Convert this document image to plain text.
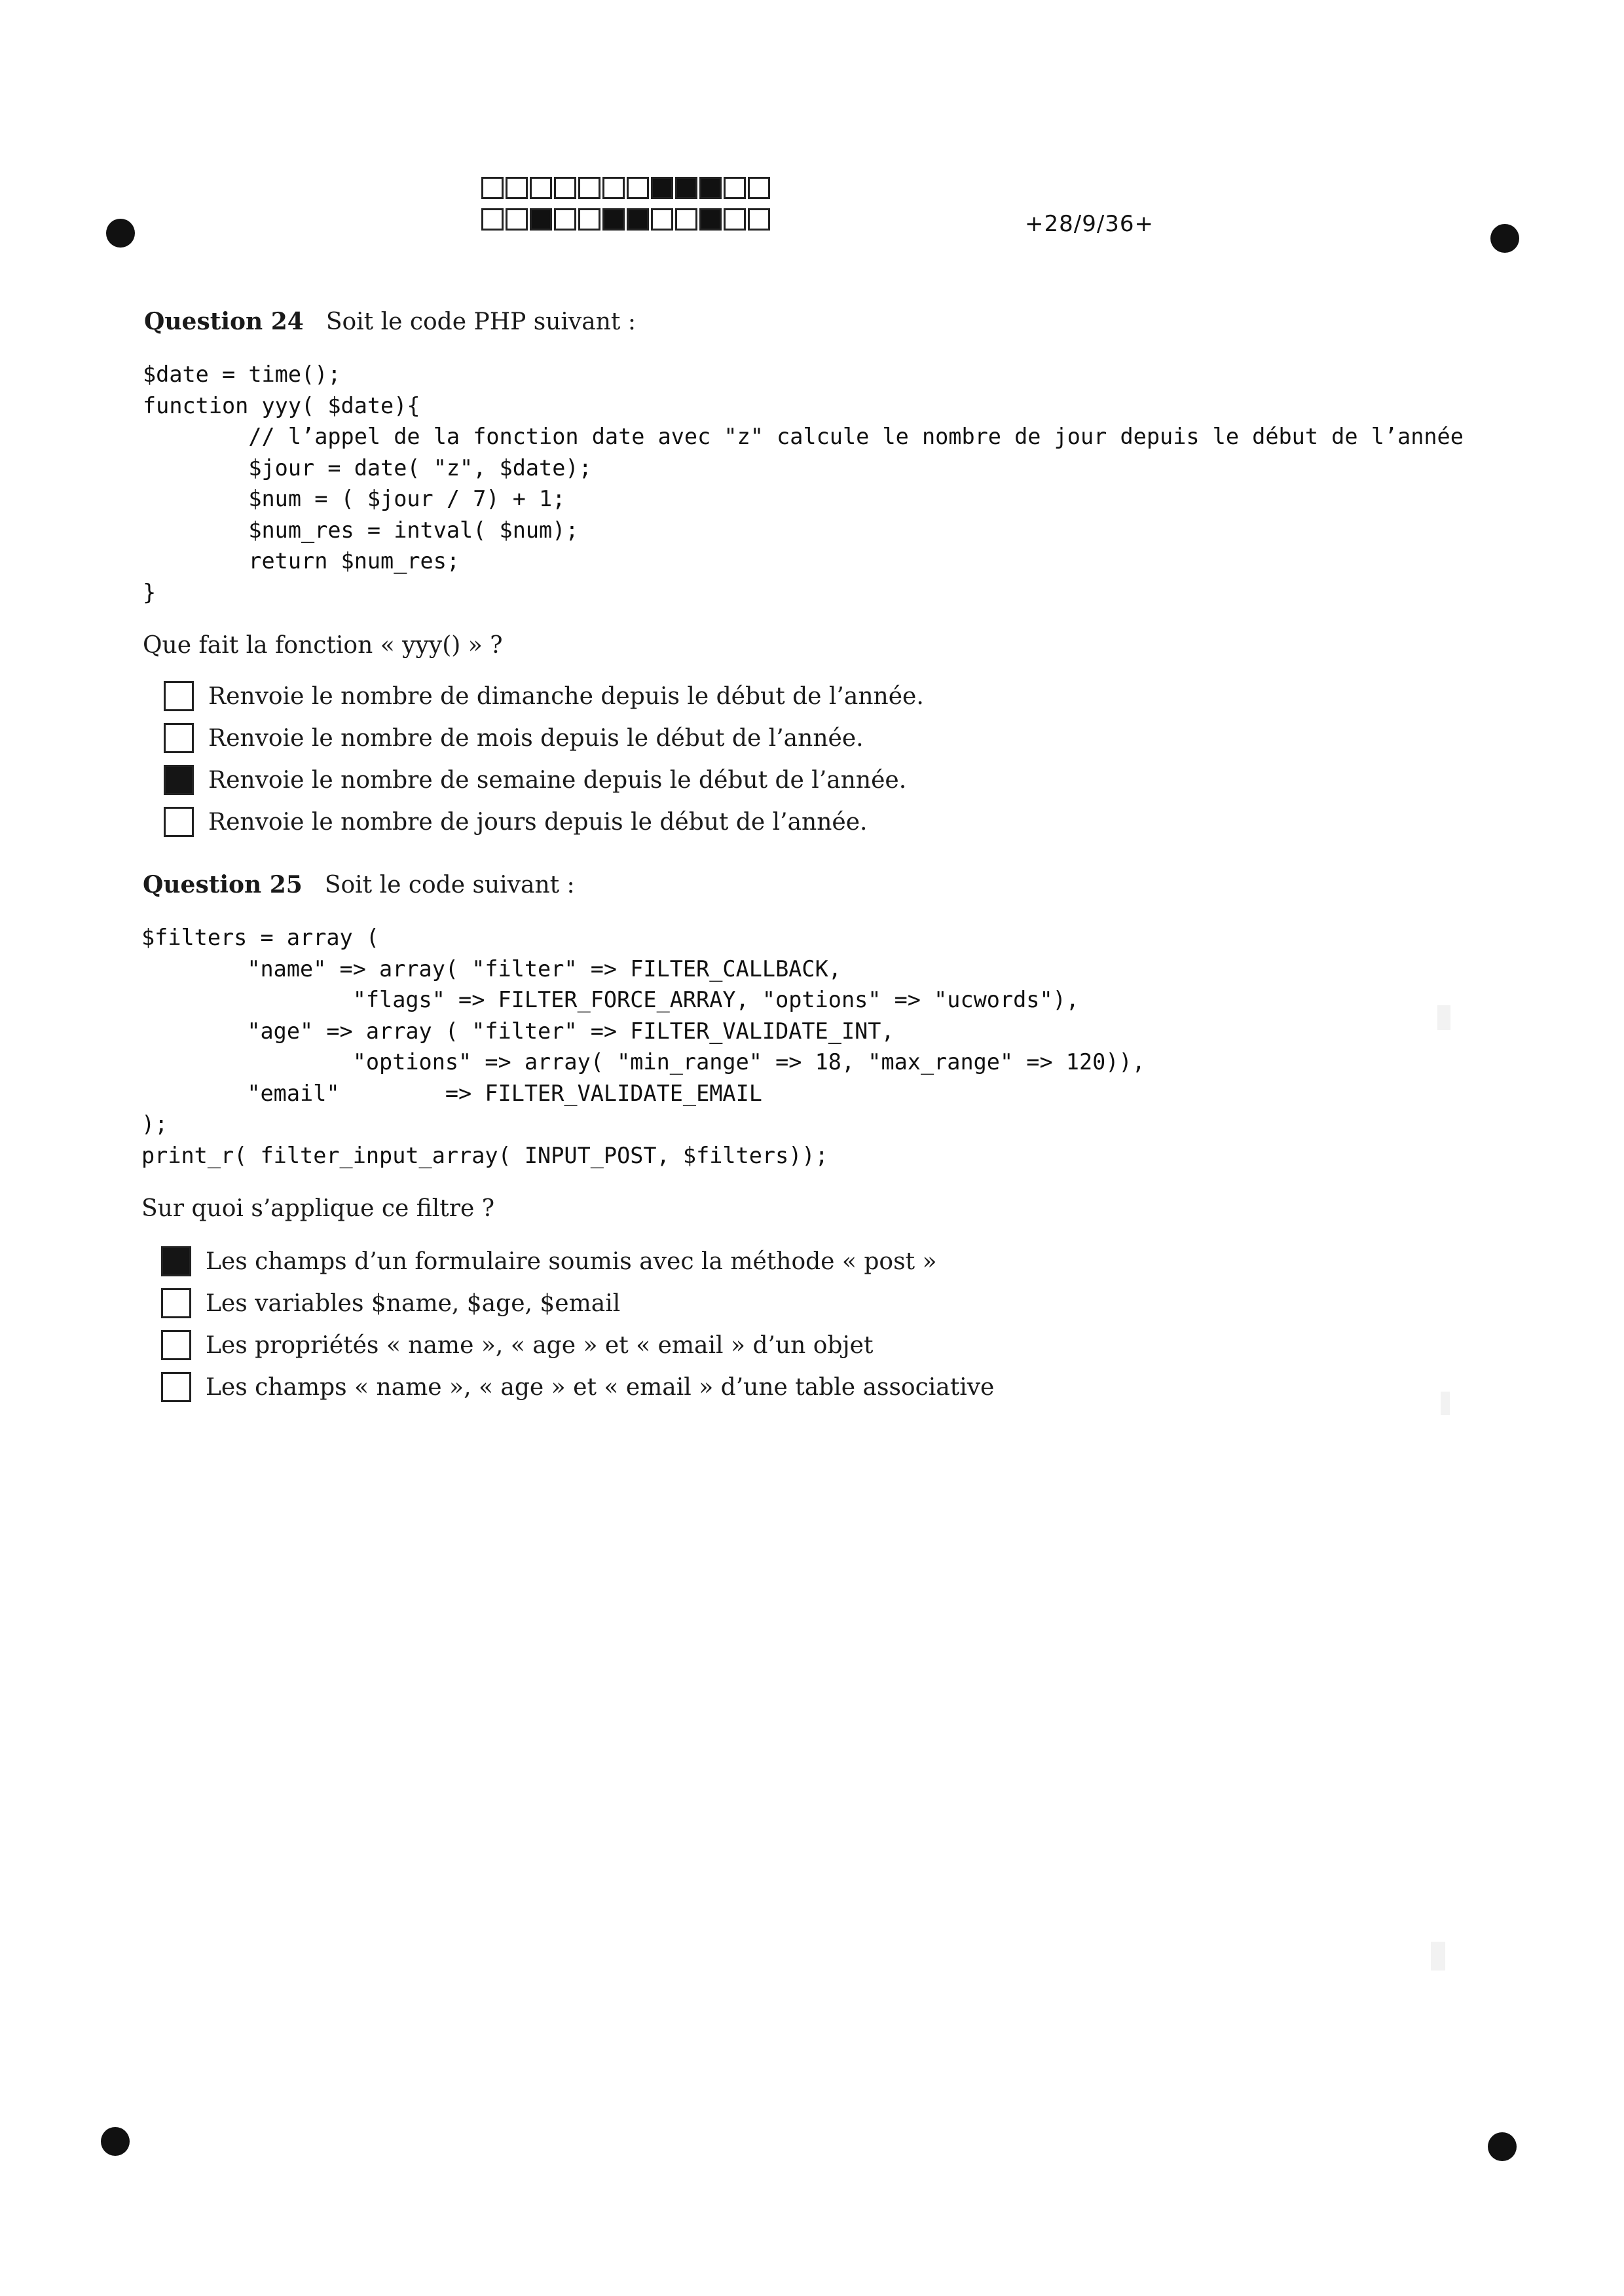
+28/9/36+
Question 24 Soit le code PHP suivant :
$date = time();
function yyy( $date){
// l’appel de la fonction date avec "z" calcule le nombre de jour depuis le début de l’année
$jour = date( "z", $date);
$num = ( $jour / 7) + 1;
$num_res = intval( $num);
return $num_res;
}
Que fait la fonction « yyy() » ?
Renvoie le nombre de dimanche depuis le début de l’année.
Renvoie le nombre de mois depuis le début de l’année.
Renvoie le nombre de semaine depuis le début de l’année.
Renvoie le nombre de jours depuis le début de l’année.
Question 25 Soit le code suivant :
$filters = array (
"name" => array( "filter" => FILTER_CALLBACK,
"flags" => FILTER_FORCE_ARRAY, "options" => "ucwords"),
"age" => array ( "filter" => FILTER_VALIDATE_INT,
"options" => array( "min_range" => 18, "max_range" => 120)),
"email"        => FILTER_VALIDATE_EMAIL
);
print_r( filter_input_array( INPUT_POST, $filters));
Sur quoi s’applique ce filtre ?
Les champs d’un formulaire soumis avec la méthode « post »
Les variables $name, $age, $email
Les propriétés « name », « age » et « email » d’un objet
Les champs « name », « age » et « email » d’une table associative
